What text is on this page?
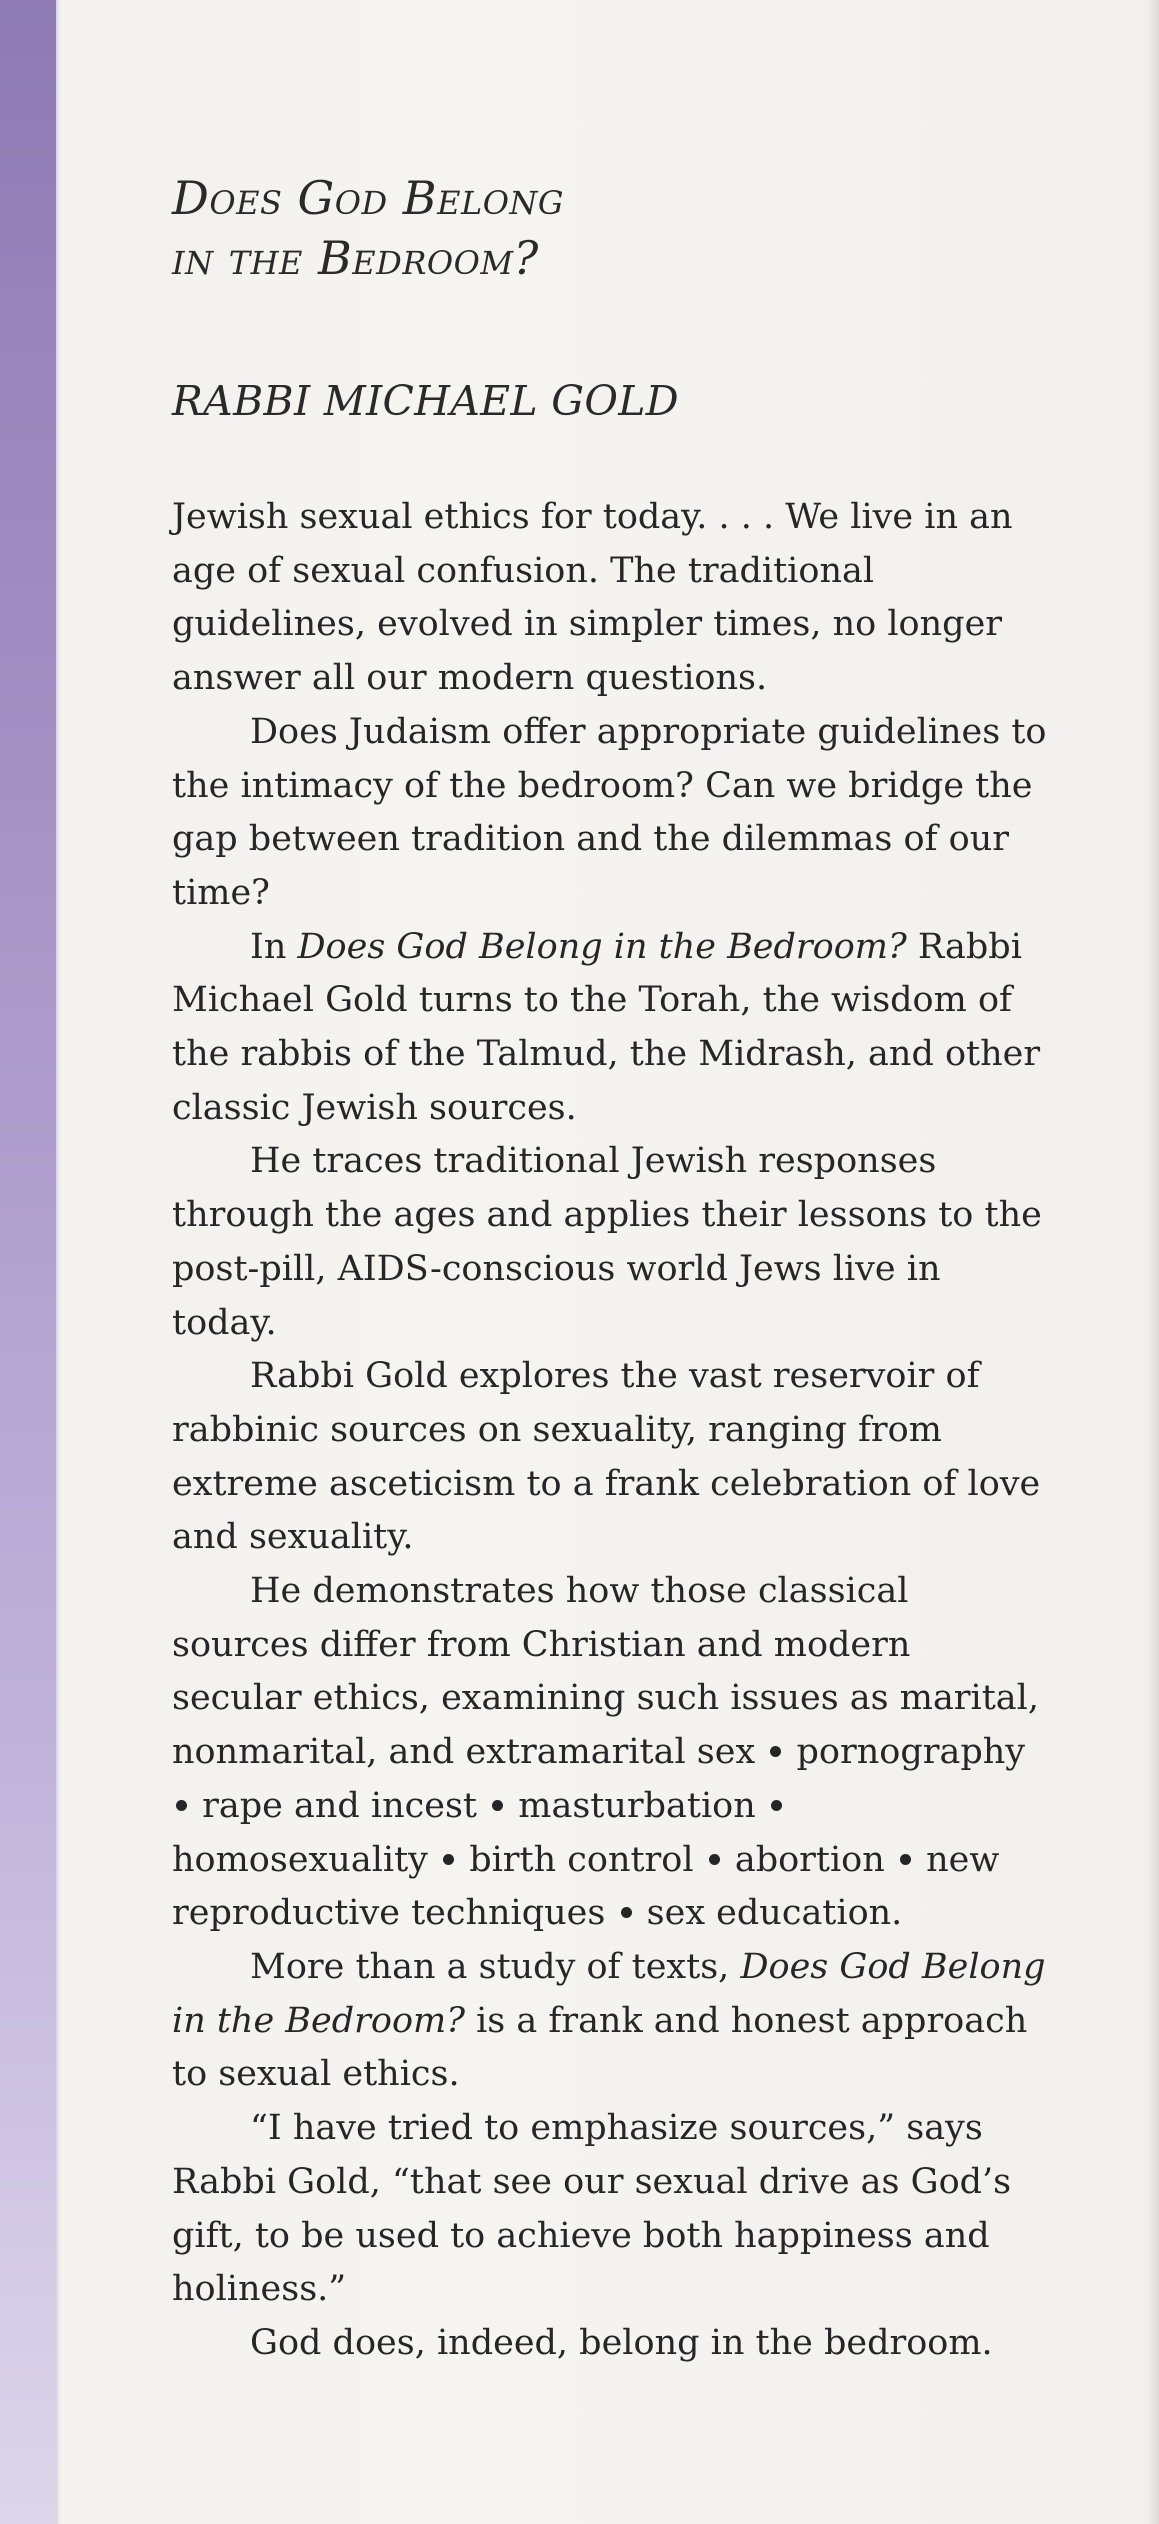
Does God Belong
in the Bedroom?
RABBI MICHAEL GOLD

Jewish sexual ethics for today. . . . We live in an age of sexual confusion. The traditional guidelines, evolved in simpler times, no longer answer all our modern questions.

Does Judaism offer appropriate guidelines to the intimacy of the bedroom? Can we bridge the gap between tradition and the dilemmas of our time?

In Does God Belong in the Bedroom? Rabbi Michael Gold turns to the Torah, the wisdom of the rabbis of the Talmud, the Midrash, and other classic Jewish sources.

He traces traditional Jewish responses through the ages and applies their lessons to the post-pill, AIDS-conscious world Jews live in today.

Rabbi Gold explores the vast reservoir of rabbinic sources on sexuality, ranging from extreme asceticism to a frank celebration of love and sexuality.

He demonstrates how those classical sources differ from Christian and modern secular ethics, examining such issues as marital, nonmarital, and extramarital sex pornography  rape and incest masturbation  homosexuality birth control abortion new reproductive techniques sex education.

More than a study of texts, Does God Belong in the Bedroom? is a frank and honest approach to sexual ethics.

“I have tried to emphasize sources,” says Rabbi Gold, “that see our sexual drive as God’s gift, to be used to achieve both happiness and holiness.”

God does, indeed, belong in the bedroom.
